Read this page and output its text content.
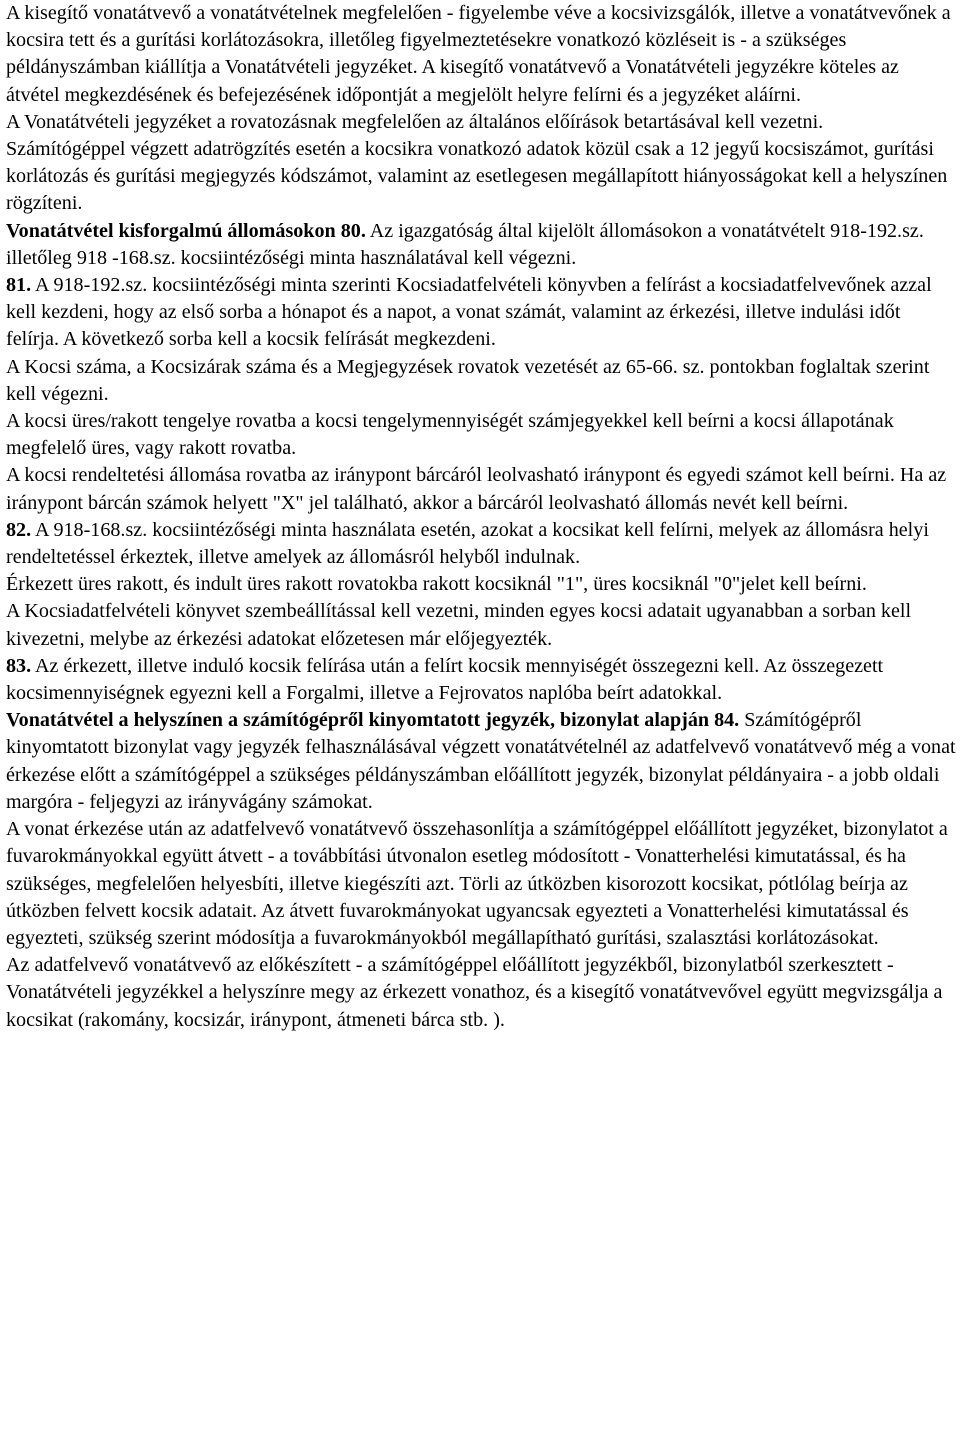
A kisegítő vonatátvevő a vonatátvételnek megfelelően - figyelembe véve a kocsivizsgálók, illetve a vonatátvevőnek a kocsira tett és a gurítási korlátozásokra, illetőleg figyelmeztetésekre vonatkozó közléseit is - a szükséges példányszámban kiállítja a Vonatátvételi jegyzéket. A kisegítő vonatátvevő a Vonatátvételi jegyzékre köteles az átvétel megkezdésének és befejezésének időpontját a megjelölt helyre felírni és a jegyzéket aláírni.

A Vonatátvételi jegyzéket a rovatozásnak megfelelően az általános előírások betartásával kell vezetni.

Számítógéppel végzett adatrögzítés esetén a kocsikra vonatkozó adatok közül csak a 12 jegyű kocsiszámot, gurítási korlátozás és gurítási megjegyzés kódszámot, valamint az esetlegesen megállapított hiányosságokat kell a helyszínen rögzíteni.

Vonatátvétel kisforgalmú állomásokon 80. Az igazgatóság által kijelölt állomásokon a vonatátvételt 918-192.sz. illetőleg 918 -168.sz. kocsiintézőségi minta használatával kell végezni.

81. A 918-192.sz. kocsiintézőségi minta szerinti Kocsiadatfelvételi könyvben a felírást a kocsiadatfelvevőnek azzal kell kezdeni, hogy az első sorba a hónapot és a napot, a vonat számát, valamint az érkezési, illetve indulási időt felírja. A következő sorba kell a kocsik felírását megkezdeni.

A Kocsi száma, a Kocsizárak száma és a Megjegyzések rovatok vezetését az 65-66. sz. pontokban foglaltak szerint kell végezni.

A kocsi üres/rakott tengelye rovatba a kocsi tengelymennyiségét számjegyekkel kell beírni a kocsi állapotának megfelelő üres, vagy rakott rovatba.

A kocsi rendeltetési állomása rovatba az iránypont bárcáról leolvasható iránypont és egyedi számot kell beírni. Ha az iránypont bárcán számok helyett "X" jel található, akkor a bárcáról leolvasható állomás nevét kell beírni.

82. A 918-168.sz. kocsiintézőségi minta használata esetén, azokat a kocsikat kell felírni, melyek az állomásra helyi rendeltetéssel érkeztek, illetve amelyek az állomásról helyből indulnak.

Érkezett üres rakott, és indult üres rakott rovatokba rakott kocsiknál "1", üres kocsiknál "0"jelet kell beírni.

A Kocsiadatfelvételi könyvet szembeállítással kell vezetni, minden egyes kocsi adatait ugyanabban a sorban kell kivezetni, melybe az érkezési adatokat előzetesen már előjegyezték.

83. Az érkezett, illetve induló kocsik felírása után a felírt kocsik mennyiségét összegezni kell. Az összegezett kocsimennyiségnek egyezni kell a Forgalmi, illetve a Fejrovatos naplóba beírt adatokkal.

Vonatátvétel a helyszínen a számítógépről kinyomtatott jegyzék, bizonylat alapján 84. Számítógépről kinyomtatott bizonylat vagy jegyzék felhasználásával végzett vonatátvételnél az adatfelvevő vonatátvevő még a vonat érkezése előtt a számítógéppel a szükséges példányszámban előállított jegyzék, bizonylat példányaira - a jobb oldali margóra - feljegyzi az irányvágány számokat.

A vonat érkezése után az adatfelvevő vonatátvevő összehasonlítja a számítógéppel előállított jegyzéket, bizonylatot a fuvarokmányokkal együtt átvett - a továbbítási útvonalon esetleg módosított - Vonatterhelési kimutatással, és ha szükséges, megfelelően helyesbíti, illetve kiegészíti azt. Törli az útközben kisorozott kocsikat, pótlólag beírja az útközben felvett kocsik adatait. Az átvett fuvarokmányokat ugyancsak egyezteti a Vonatterhelési kimutatással és egyezteti, szükség szerint módosítja a fuvarokmányokból megállapítható gurítási, szalasztási korlátozásokat.

Az adatfelvevő vonatátvevő az előkészített - a számítógéppel előállított jegyzékből, bizonylatból szerkesztett - Vonatátvételi jegyzékkel a helyszínre megy az érkezett vonathoz, és a kisegítő vonatátvevővel együtt megvizsgálja a kocsikat (rakomány, kocsizár, iránypont, átmeneti bárca stb. ).
